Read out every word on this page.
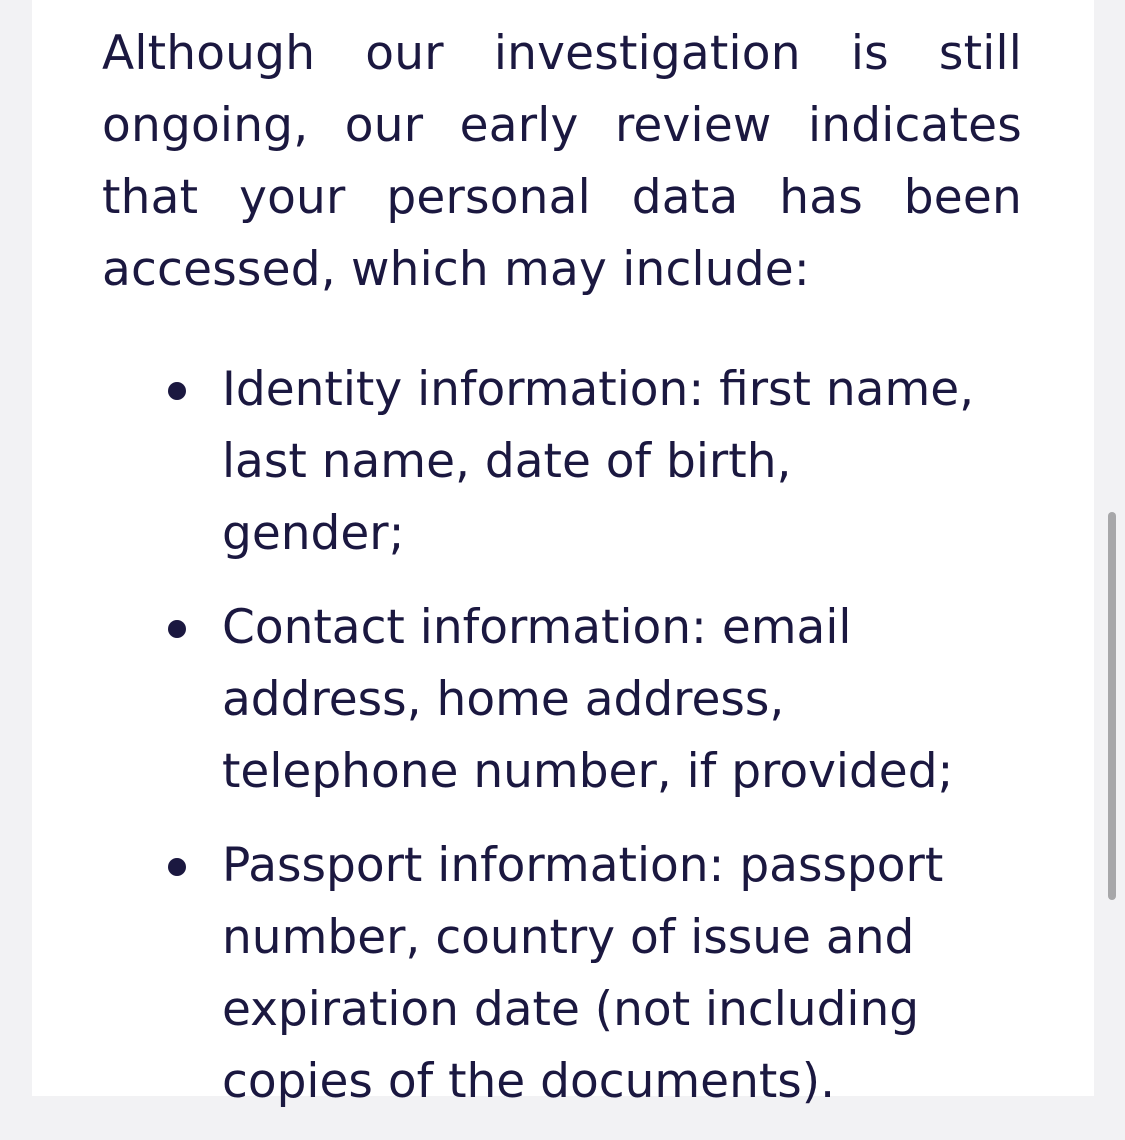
Although our investigation is still ongoing, our early review indicates that your personal data has been accessed, which may include:

Identity information: first name, last name, date of birth, gender;
Contact information: email address, home address, telephone number, if provided;
Passport information: passport number, country of issue and expiration date (not including copies of the documents).
